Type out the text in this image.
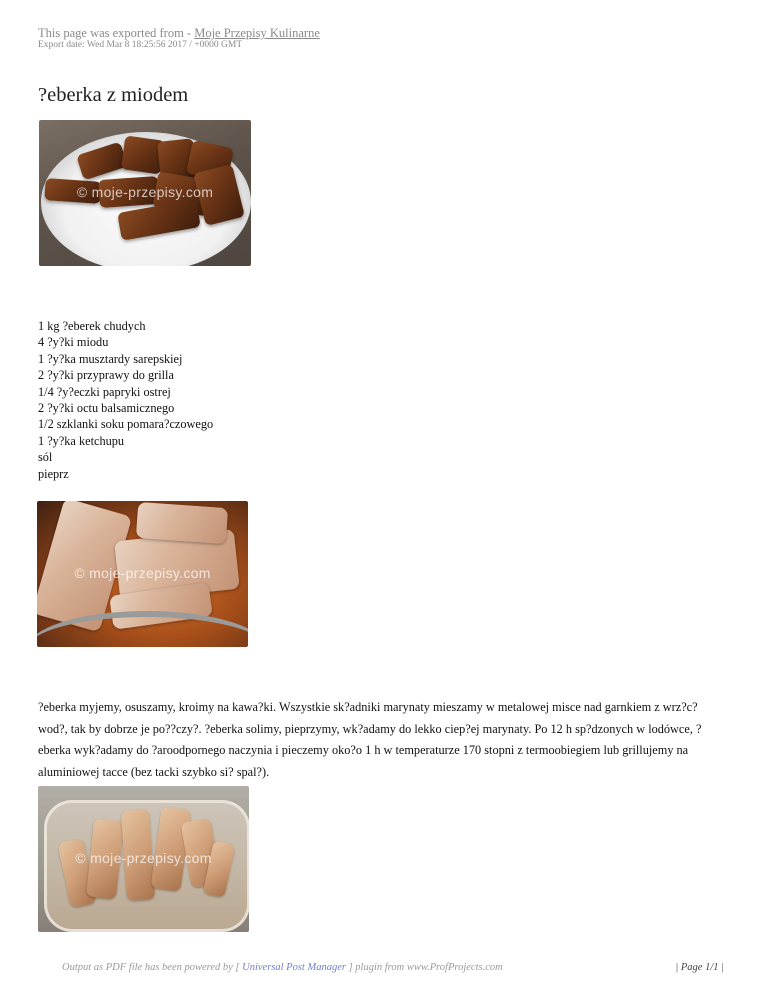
This page was exported from - Moje Przepisy Kulinarne
Export date: Wed Mar 8 18:25:56 2017 / +0000 GMT
?eberka z miodem
© moje-przepisy.com
1 kg ?eberek chudych
4 ?y?ki miodu
1 ?y?ka musztardy sarepskiej
2 ?y?ki przyprawy do grilla
1/4 ?y?eczki papryki ostrej
2 ?y?ki octu balsamicznego
1/2 szklanki soku pomara?czowego
1 ?y?ka ketchupu
sól
pieprz
© moje-przepisy.com

?eberka myjemy, osuszamy, kroimy na kawa?ki. Wszystkie sk?adniki marynaty mieszamy w metalowej misce nad garnkiem z wrz?c? wod?, tak by dobrze je po??czy?. ?eberka solimy, pieprzymy, wk?adamy do lekko ciep?ej marynaty. Po 12 h sp?dzonych w lodówce, ?eberka wyk?adamy do ?aroodpornego naczynia i pieczemy oko?o 1 h w temperaturze 170 stopni z termoobiegiem lub grillujemy na aluminiowej tacce (bez tacki szybko si? spal?).

© moje-przepisy.com
Output as PDF file has been powered by [ Universal Post Manager ] plugin from www.ProfProjects.com	| Page 1/1 |
